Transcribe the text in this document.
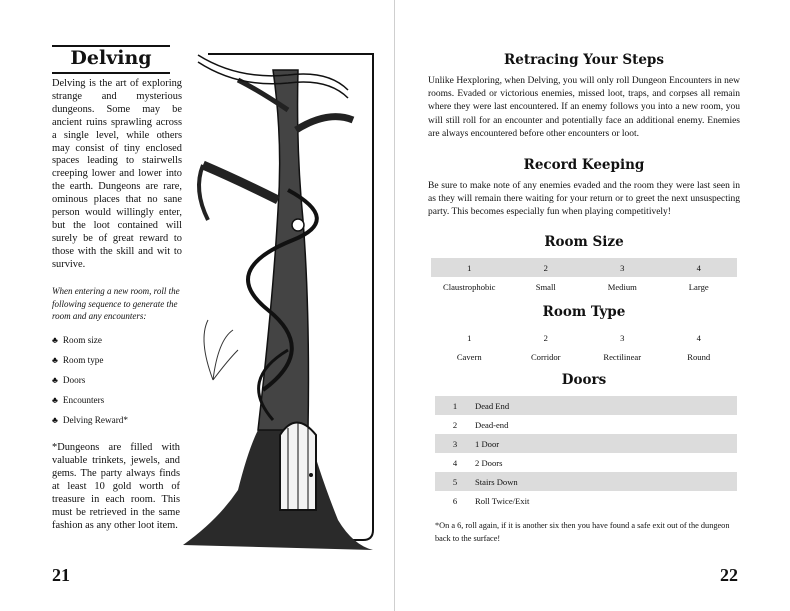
Delving
Delving is the art of exploring strange and mysterious dungeons. Some may be ancient ruins sprawling across a single level, while others may consist of tiny enclosed spaces leading to stairwells creeping lower and lower into the earth. Dungeons are rare, ominous places that no sane person would willingly enter, but the loot contained will surely be of great reward to those with the skill and wit to survive.
When entering a new room, roll the following sequence to generate the room and any encounters:
♣ Room size
♣ Room type
♣ Doors
♣ Encounters
♣ Delving Reward*
*Dungeons are filled with valuable trinkets, jewels, and gems. The party always finds at least 10 gold worth of treasure in each room. This must be retrieved in the same fashion as any other loot item.
21
Retracing Your Steps
Unlike Hexploring, when Delving, you will only roll Dungeon Encounters in new rooms. Evaded or victorious enemies, missed loot, traps, and corpses all remain where they were last encountered. If an enemy follows you into a new room, you will still roll for an encounter and potentially face an additional enemy. Enemies are always encountered before other encounters or loot.
Record Keeping
Be sure to make note of any enemies evaded and the room they were last seen in as they will remain there waiting for your return or to greet the next unsuspecting party. This becomes especially fun when playing competitively!
Room Size
1	2	3	4
Claustrophobic	Small	Medium	Large
Room Type
1	2	3	4
Cavern	Corridor	Rectilinear	Round
Doors
1	Dead End
2	Dead-end
3	1 Door
4	2 Doors
5	Stairs Down
6	Roll Twice/Exit
*On a 6, roll again, if it is another six then you have found a safe exit out of the dungeon back to the surface!
22
